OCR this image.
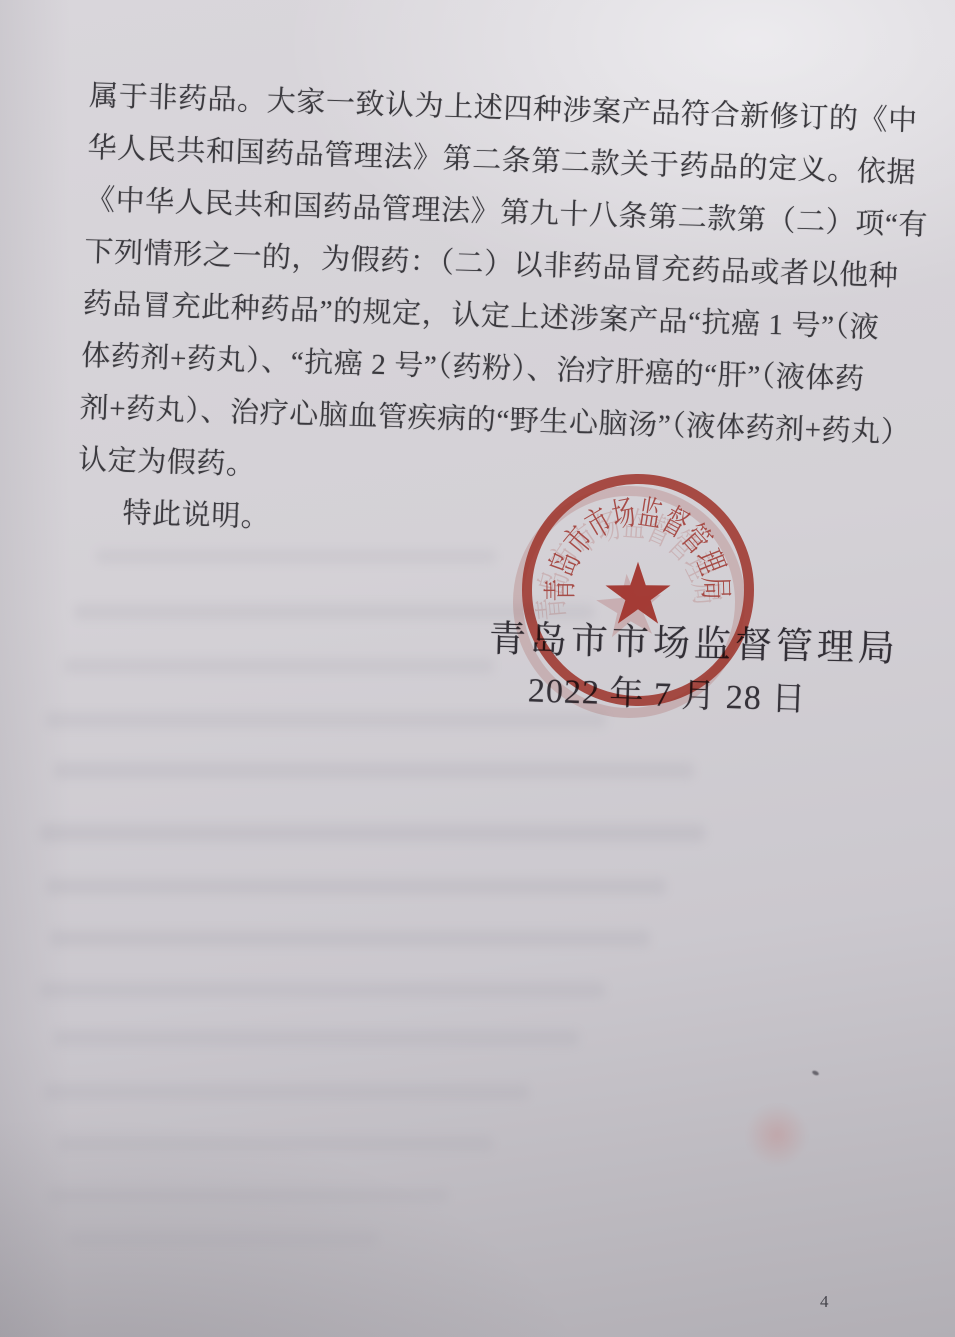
属于非药品。大家一致认为上述四种涉案产品符合新修订的《中
华人民共和国药品管理法》第二条第二款关于药品的定义。依据
《中华人民共和国药品管理法》第九十八条第二款第（二）项“有
下列情形之一的，为假药：（二）以非药品冒充药品或者以他种
药品冒充此种药品”的规定，认定上述涉案产品“抗癌 1 号”（液
体药剂+药丸）、“抗癌 2 号”（药粉）、治疗肝癌的“肝”（液体药
剂+药丸）、治疗心脑血管疾病的“野生心脑汤”（液体药剂+药丸）
认定为假药。
特此说明。
青岛市市场监督管理局
2022 年 7 月 28 日
青岛市市场监督管理局
4
